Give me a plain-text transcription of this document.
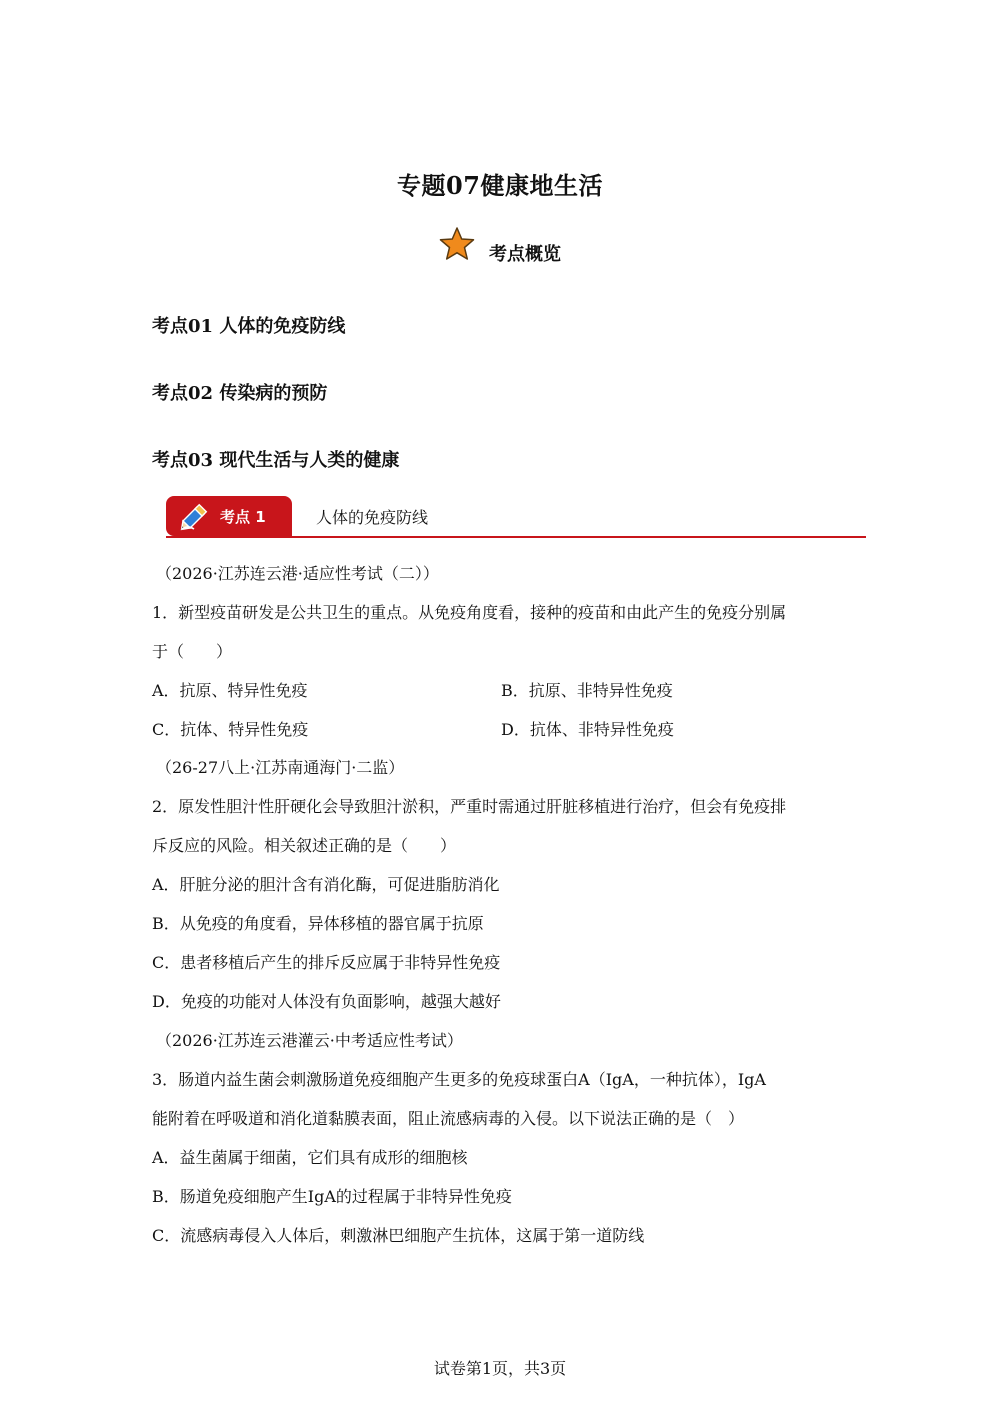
专题07健康地生活
考点概览
考点01 人体的免疫防线
考点02 传染病的预防
考点03 现代生活与人类的健康
考点 1	人体的免疫防线
（2026·江苏连云港·适应性考试（二））
1．新型疫苗研发是公共卫生的重点。从免疫角度看，接种的疫苗和由此产生的免疫分别属
于（　　）
A．抗原、特异性免疫	B．抗原、非特异性免疫
C．抗体、特异性免疫	D．抗体、非特异性免疫
（26-27八上·江苏南通海门·二监）
2．原发性胆汁性肝硬化会导致胆汁淤积，严重时需通过肝脏移植进行治疗，但会有免疫排
斥反应的风险。相关叙述正确的是（　　）
A．肝脏分泌的胆汁含有消化酶，可促进脂肪消化
B．从免疫的角度看，异体移植的器官属于抗原
C．患者移植后产生的排斥反应属于非特异性免疫
D．免疫的功能对人体没有负面影响，越强大越好
（2026·江苏连云港灌云·中考适应性考试）
3．肠道内益生菌会刺激肠道免疫细胞产生更多的免疫球蛋白A（IgA，一种抗体），IgA
能附着在呼吸道和消化道黏膜表面，阻止流感病毒的入侵。以下说法正确的是（　）
A．益生菌属于细菌，它们具有成形的细胞核
B．肠道免疫细胞产生IgA的过程属于非特异性免疫
C．流感病毒侵入人体后，刺激淋巴细胞产生抗体，这属于第一道防线
试卷第1页，共3页
